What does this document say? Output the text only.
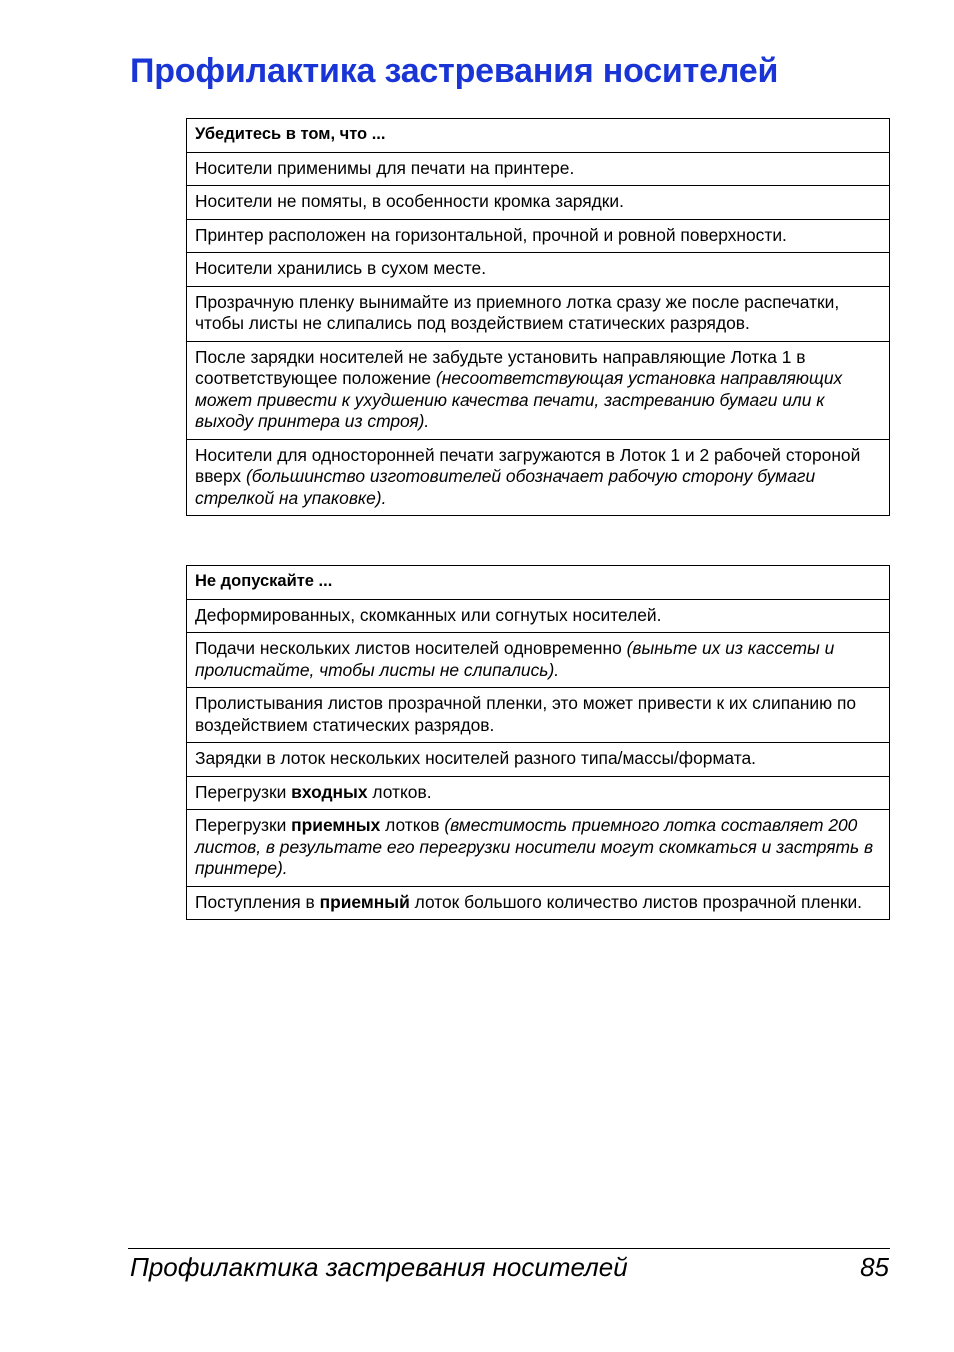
Профилактика застревания носителей
Убедитесь в том, что ...
Носители применимы для печати на принтере.
Носители не помяты, в особенности кромка зарядки.
Принтер расположен на горизонтальной, прочной и ровной поверхности.
Носители хранились в сухом месте.
Прозрачную пленку вынимайте из приемного лотка сразу же после распечатки, чтобы листы не слипались под воздействием статических разрядов.
После зарядки носителей не забудьте установить направляющие Лотка 1 в соответствующее положение (несоответствующая установка направляющих может привести к ухудшению качества печати, застреванию бумаги или к выходу принтера из строя).
Носители для односторонней печати загружаются в Лоток 1 и 2 рабочей стороной вверх (большинство изготовителей обозначает рабочую сторону бумаги стрелкой на упаковке).
Не допускайте ...
Деформированных, скомканных или согнутых носителей.
Подачи нескольких листов носителей одновременно (выньте их из кассеты и пролистайте, чтобы листы не слипались).
Пролистывания листов прозрачной пленки, это может привести к их слипанию по воздействием статических разрядов.
Зарядки в лоток нескольких носителей разного типа/массы/формата.
Перегрузки входных лотков.
Перегрузки приемных лотков (вместимость приемного лотка составляет 200 листов, в результате его перегрузки носители могут скомкаться и застрять в принтере).
Поступления в приемный лоток большого количество листов прозрачной пленки.
Профилактика застревания носителей	85
